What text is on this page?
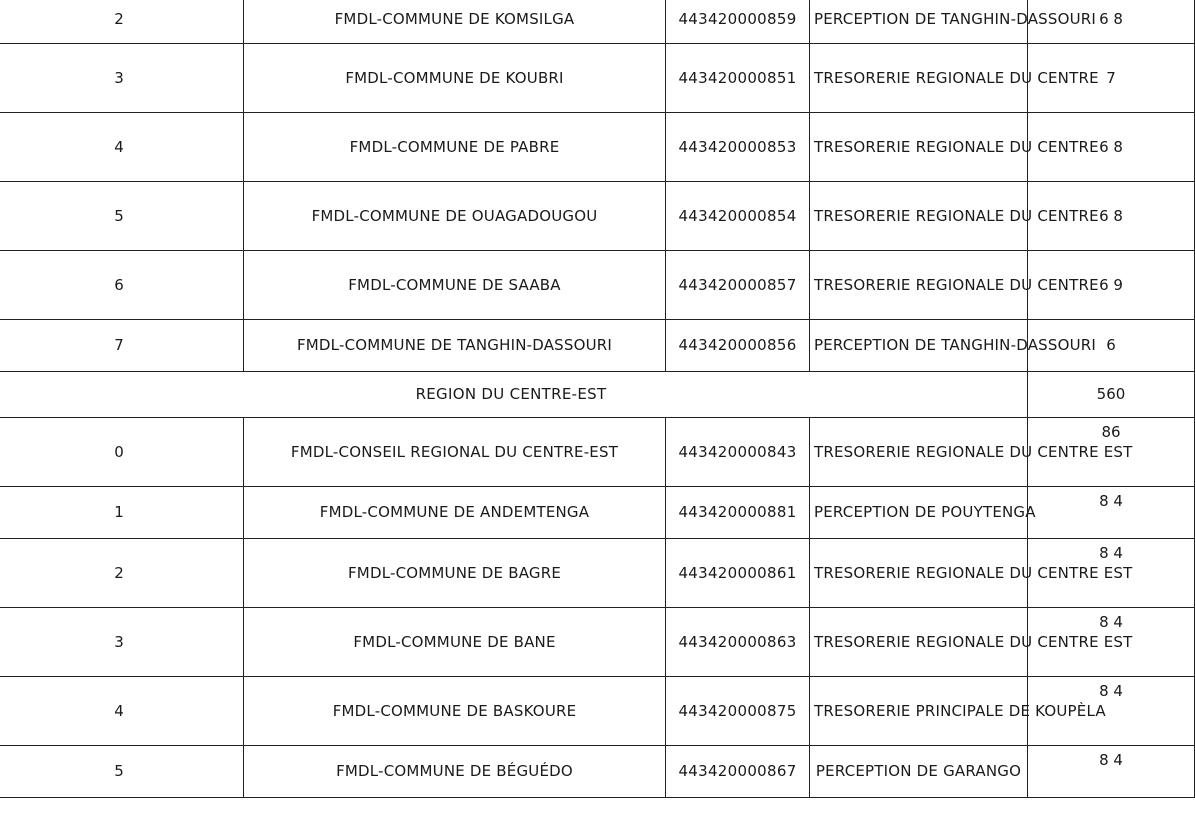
2	FMDL-COMMUNE DE KOMSILGA	443420000859	PERCEPTION DE TANGHIN-DASSOURI	6 8
3	FMDL-COMMUNE DE KOUBRI	443420000851	TRESORERIE REGIONALE DU CENTRE	7
4	FMDL-COMMUNE DE PABRE	443420000853	TRESORERIE REGIONALE DU CENTRE	6 8
5	FMDL-COMMUNE DE OUAGADOUGOU	443420000854	TRESORERIE REGIONALE DU CENTRE	6 8
6	FMDL-COMMUNE DE SAABA	443420000857	TRESORERIE REGIONALE DU CENTRE	6 9
7	FMDL-COMMUNE DE TANGHIN-DASSOURI	443420000856	PERCEPTION DE TANGHIN-DASSOURI	6
REGION DU CENTRE-EST				560
0	FMDL-CONSEIL REGIONAL DU CENTRE-EST	443420000843	TRESORERIE REGIONALE DU CENTRE EST	86
1	FMDL-COMMUNE DE ANDEMTENGA	443420000881	PERCEPTION DE POUYTENGA	8 4
2	FMDL-COMMUNE DE BAGRE	443420000861	TRESORERIE REGIONALE DU CENTRE EST	8 4
3	FMDL-COMMUNE DE BANE	443420000863	TRESORERIE REGIONALE DU CENTRE EST	8 4
4	FMDL-COMMUNE DE BASKOURE	443420000875	TRESORERIE PRINCIPALE DE KOUPÈLA	8 4
5	FMDL-COMMUNE DE BÉGUÉDO	443420000867	PERCEPTION DE GARANGO	8 4
